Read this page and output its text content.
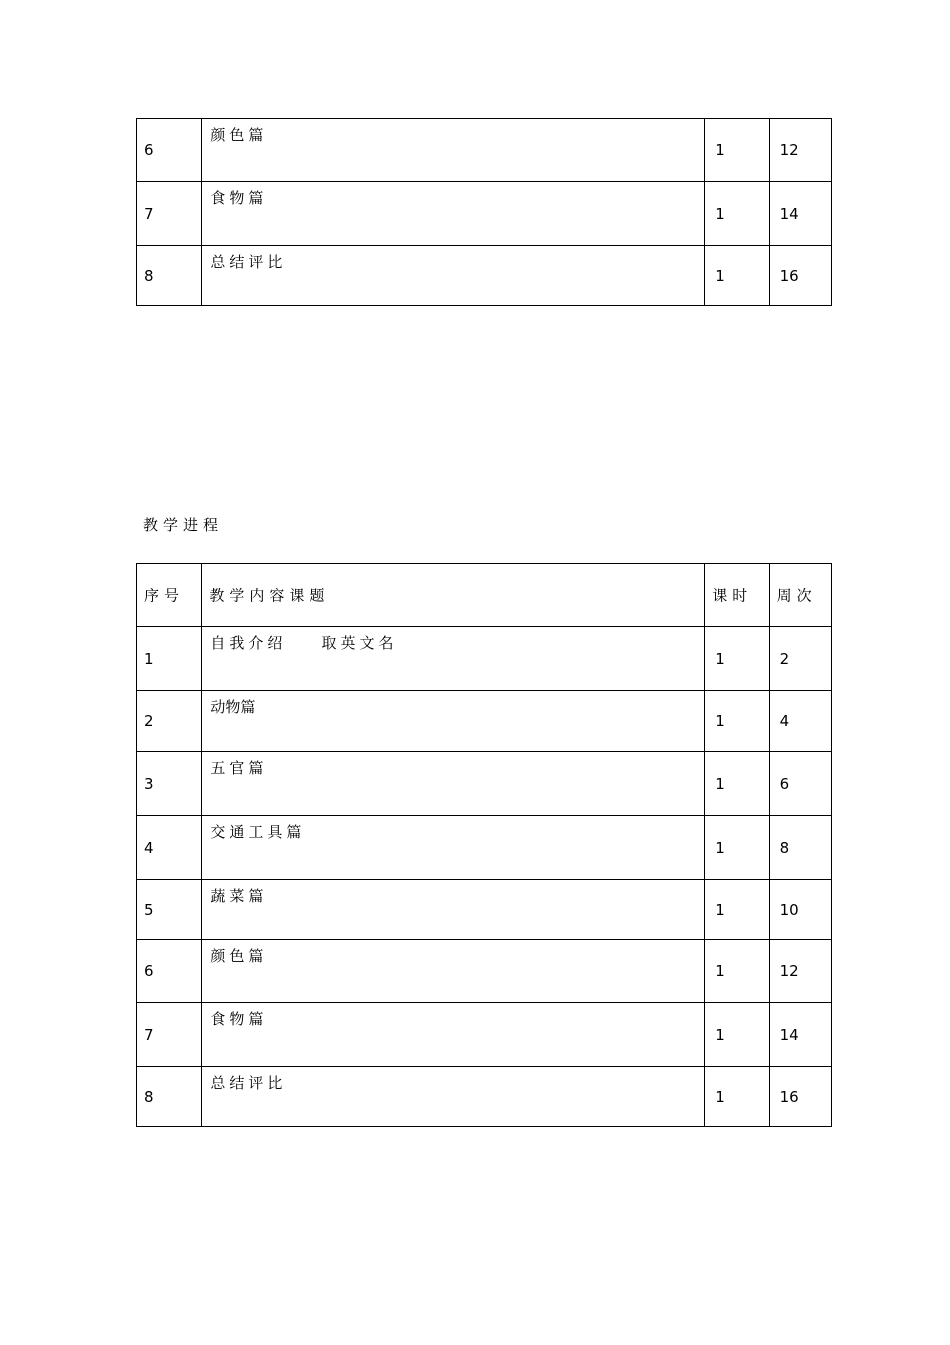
6	颜色篇	1	12

7	食物篇	1	14

8	总结评比	1	16
教学进程
序号	教学内容课题	课时	周次

1	自我介绍    取英文名	1	2

2	动物篇	1	4

3	五官篇	1	6

4	交通工具篇	1	8

5	蔬菜篇	1	10

6	颜色篇	1	12

7	食物篇	1	14

8	总结评比	1	16
